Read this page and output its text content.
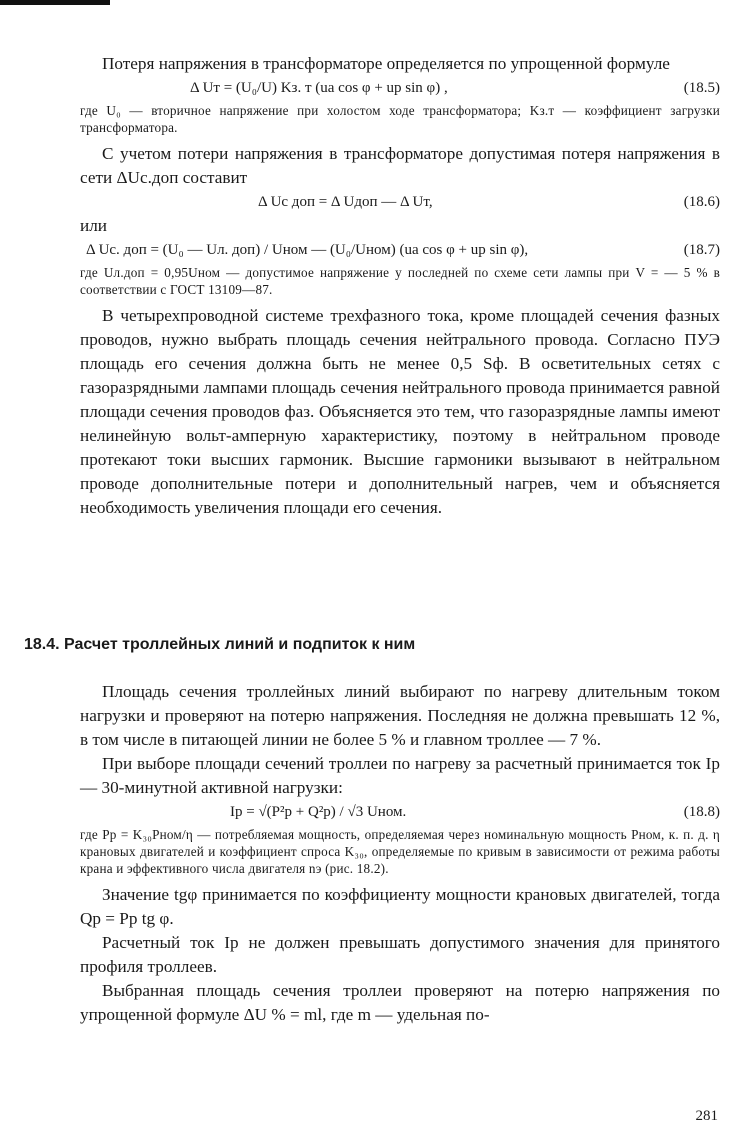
Потеря напряжения в трансформаторе определяется по упрощенной формуле

Δ Uт = (U₀/U) Kз. т (uа cos φ + uр sin φ) ,	(18.5)

где U₀ — вторичное напряжение при холостом ходе трансформатора; Kз.т — коэффициент загрузки трансформатора.

С учетом потери напряжения в трансформаторе допустимая потеря напряжения в сети ΔUс.доп составит

Δ Uс доп = Δ Uдоп — Δ Uт,	(18.6)

или

Δ Uс. доп = (U₀ — Uл. доп) / Uном — (U₀/Uном) (uа cos φ + uр sin φ),	(18.7)

где Uл.доп = 0,95Uном — допустимое напряжение у последней по схеме сети лампы при V = — 5 % в соответствии с ГОСТ 13109—87.

В четырехпроводной системе трехфазного тока, кроме площадей сечения фазных проводов, нужно выбрать площадь сечения нейтрального провода. Согласно ПУЭ площадь его сечения должна быть не менее 0,5 Sф. В осветительных сетях с газоразрядными лампами площадь сечения нейтрального провода принимается равной площади сечения проводов фаз. Объясняется это тем, что газоразрядные лампы имеют нелинейную вольт-амперную характеристику, поэтому в нейтральном проводе протекают токи высших гармоник. Высшие гармоники вызывают в нейтральном проводе дополнительные потери и дополнительный нагрев, чем и объясняется необходимость увеличения площади его сечения.

18.4. Расчет троллейных линий и подпиток к ним

Площадь сечения троллейных линий выбирают по нагреву длительным током нагрузки и проверяют на потерю напряжения. Последняя не должна превышать 12 %, в том числе в питающей линии не более 5 % и главном троллее — 7 %.

При выборе площади сечений троллеи по нагреву за расчетный принимается ток Iр — 30-минутной активной нагрузки:

Iр = √(P²р + Q²р) / √3 Uном.	(18.8)

где Pр = K₃₀Pном/η — потребляемая мощность, определяемая через номинальную мощность Pном, к. п. д. η крановых двигателей и коэффициент спроса K₃₀, определяемые по кривым в зависимости от режима работы крана и эффективного числа двигателя nэ (рис. 18.2).

Значение tgφ принимается по коэффициенту мощности крановых двигателей, тогда Qр = Pр tg φ.

Расчетный ток Iр не должен превышать допустимого значения для принятого профиля троллеев.

Выбранная площадь сечения троллеи проверяют на потерю напряжения по упрощенной формуле ΔU % = ml, где m — удельная по-

281
